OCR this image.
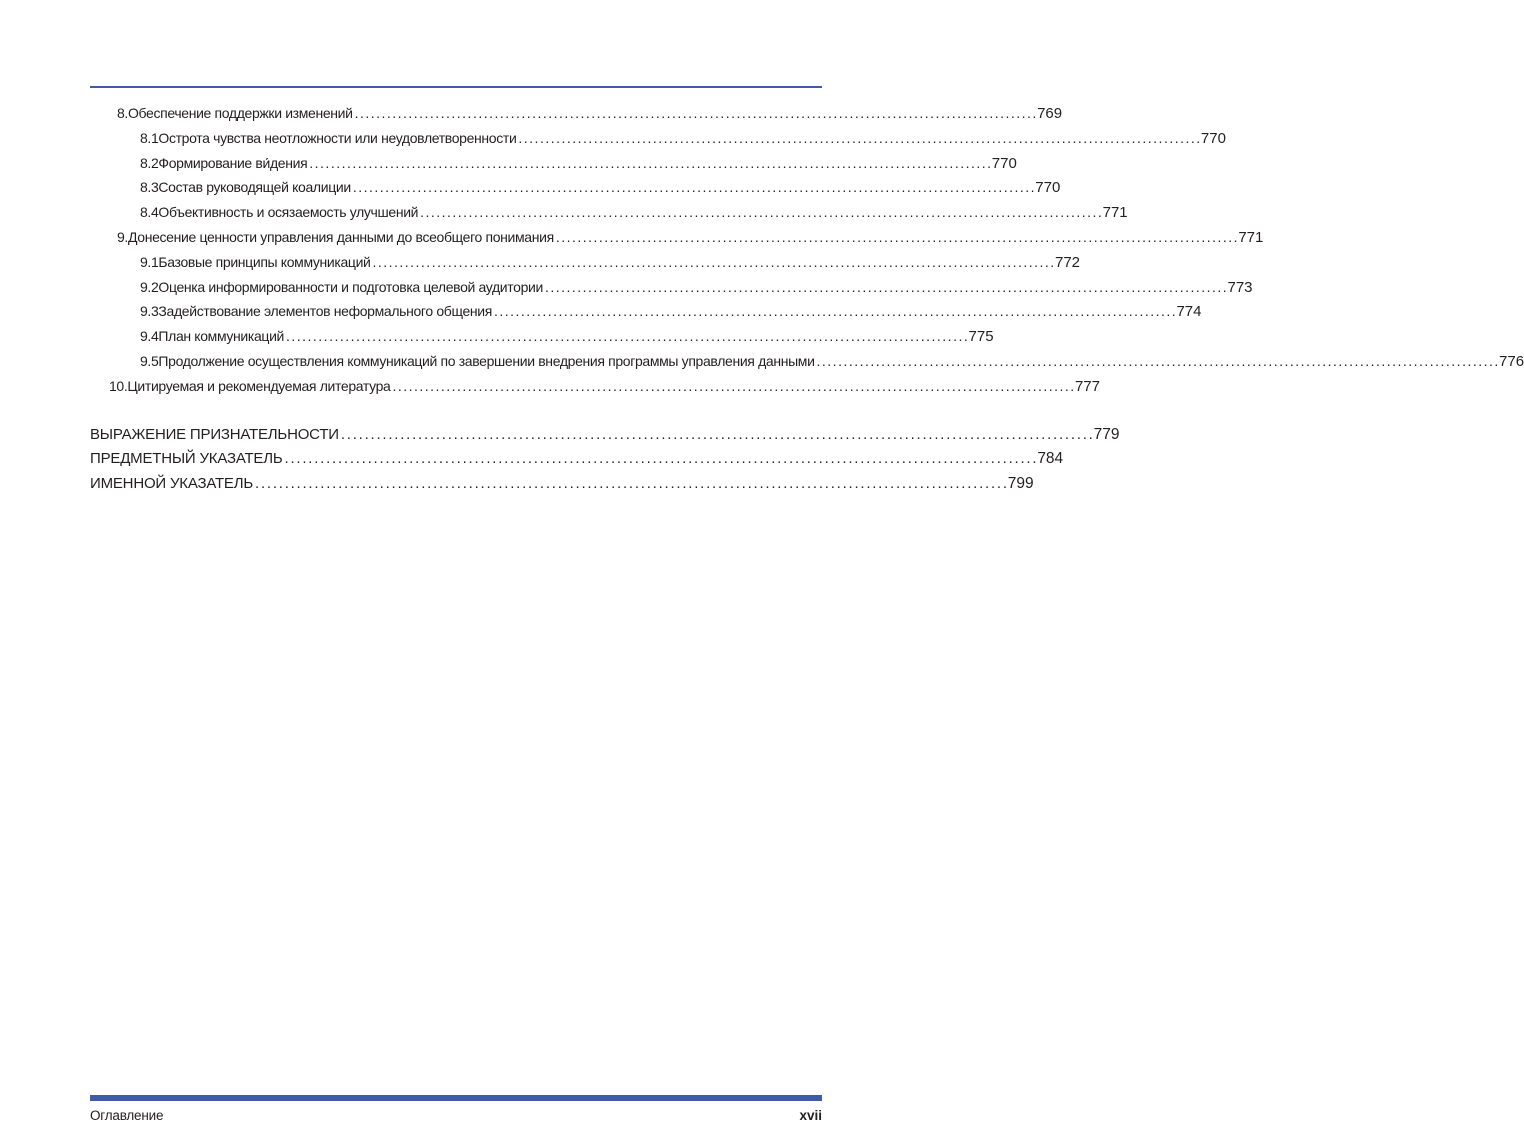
8. Обеспечение поддержки изменений . . .	769
8.1 Острота чувства неотложности или неудовлетворенности . . .	770
8.2 Формирование ви́дения . . .	770
8.3 Состав руководящей коалиции . . .	770
8.4 Объективность и осязаемость улучшений . . .	771
9. Донесение ценности управления данными до всеобщего понимания . . .	771
9.1 Базовые принципы коммуникаций . . .	772
9.2 Оценка информированности и подготовка целевой аудитории . . .	773
9.3 Задействование элементов неформального общения . . .	774
9.4 План коммуникаций . . .	775
9.5 Продолжение осуществления коммуникаций по завершении внедрения программы управления данными . . .	776
10. Цитируемая и рекомендуемая литература . . .	777
ВЫРАЖЕНИЕ ПРИЗНАТЕЛЬНОСТИ . . .	779
ПРЕДМЕТНЫЙ УКАЗАТЕЛЬ . . .	784
ИМЕННОЙ УКАЗАТЕЛЬ . . .	799
Оглавление	xvii
